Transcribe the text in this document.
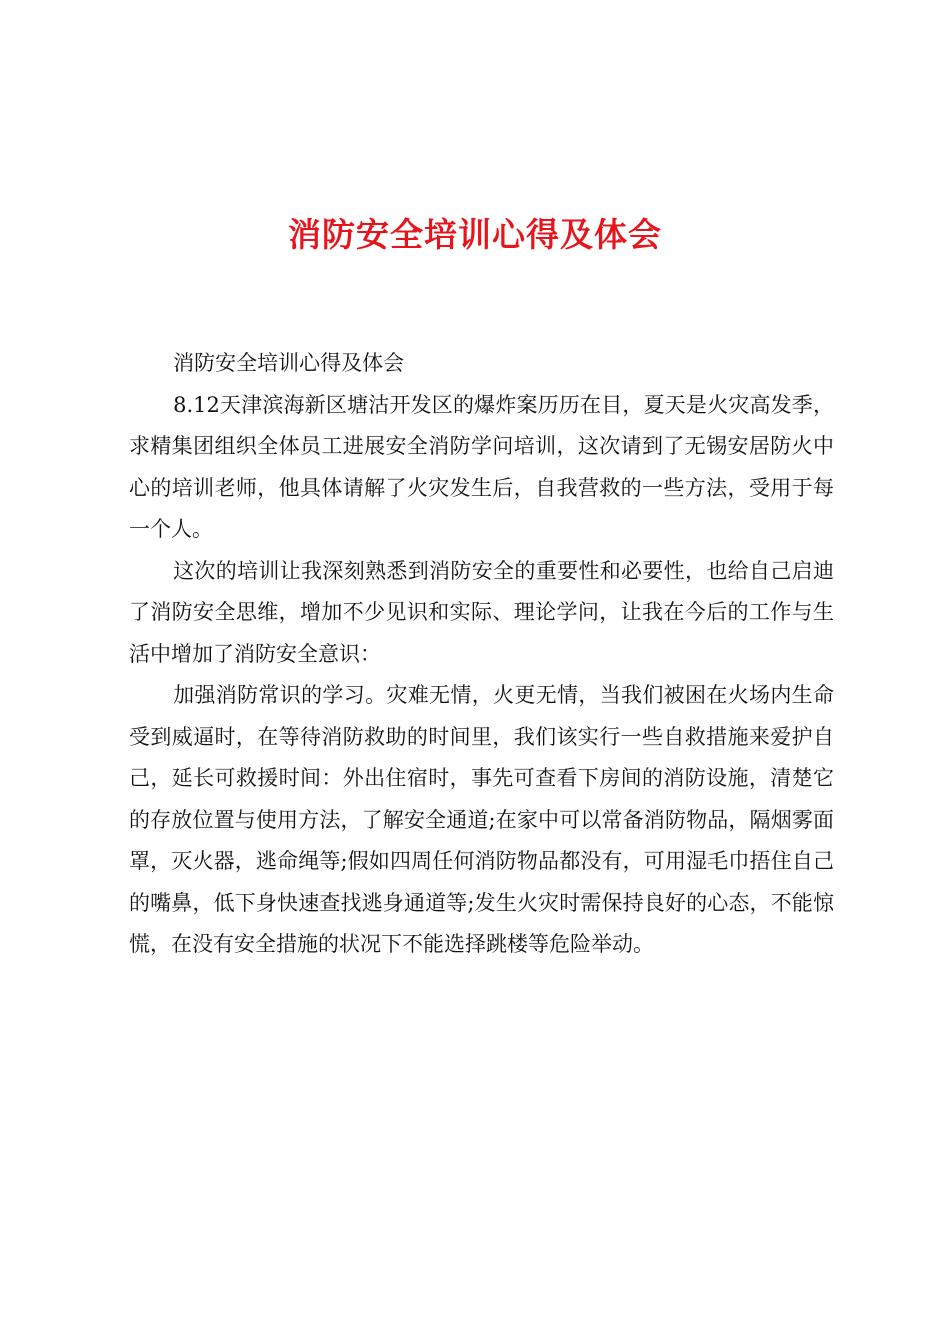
消防安全培训心得及体会

消防安全培训心得及体会

8.12天津滨海新区塘沽开发区的爆炸案历历在目，夏天是火灾高发季，求精集团组织全体员工进展安全消防学问培训，这次请到了无锡安居防火中心的培训老师，他具体请解了火灾发生后，自我营救的一些方法，受用于每一个人。

这次的培训让我深刻熟悉到消防安全的重要性和必要性，也给自己启迪了消防安全思维，增加不少见识和实际、理论学问，让我在今后的工作与生活中增加了消防安全意识：

加强消防常识的学习。灾难无情，火更无情，当我们被困在火场内生命受到威逼时，在等待消防救助的时间里，我们该实行一些自救措施来爱护自己，延长可救援时间：外出住宿时，事先可查看下房间的消防设施，清楚它的存放位置与使用方法，了解安全通道;在家中可以常备消防物品，隔烟雾面罩，灭火器，逃命绳等;假如四周任何消防物品都没有，可用湿毛巾捂住自己的嘴鼻，低下身快速查找逃身通道等;发生火灾时需保持良好的心态，不能惊慌，在没有安全措施的状况下不能选择跳楼等危险举动。
